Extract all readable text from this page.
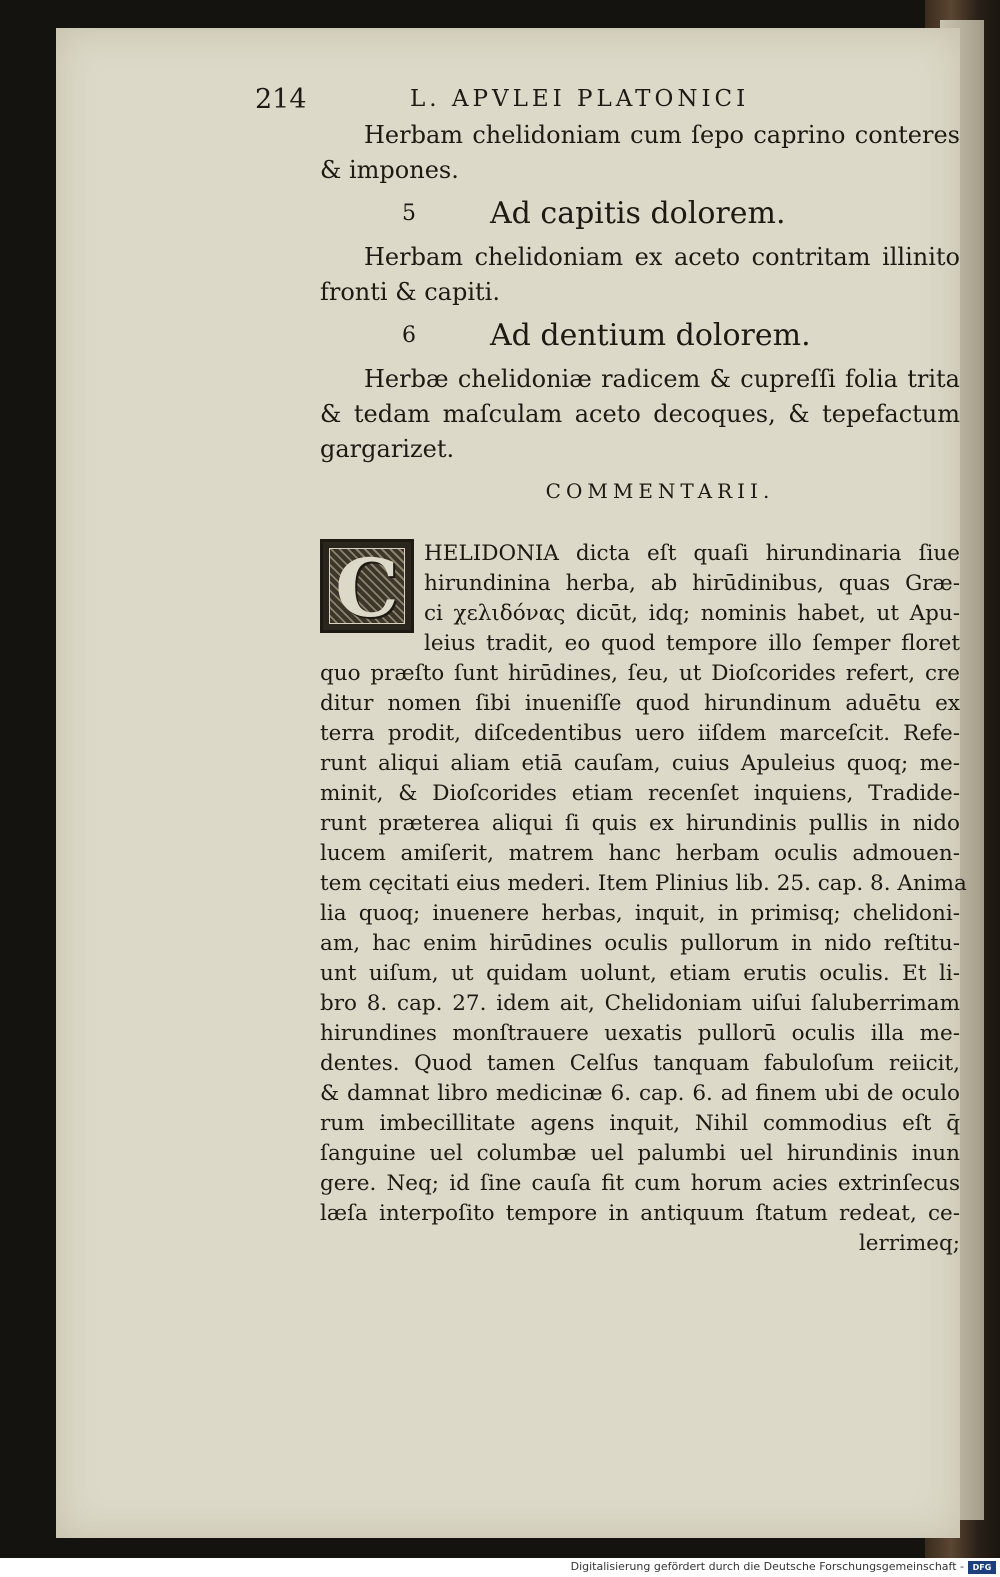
214	L. APVLEI PLATONICI
Herbam chelidoniam cum ſepo caprino conteres
& impones.
5 Ad capitis dolorem.
Herbam chelidoniam ex aceto contritam illinito
fronti & capiti.
6 Ad dentium dolorem.
Herbæ chelidoniæ radicem & cupreſſi folia trita
& tedam maſculam aceto decoques, & tepefactum
gargarizet.
COMMENTARII.
C	HELIDONIA dicta eſt quaſi hirundinaria ſiue
hirundinina herba, ab hirūdinibus, quas Græ-
ci χελιδόνας dicūt, idq; nominis habet, ut Apu-
leius tradit, eo quod tempore illo ſemper floret
quo præſto ſunt hirūdines, ſeu, ut Dioſcorides refert, cre
ditur nomen ſibi inueniſſe quod hirundinum aduētu ex
terra prodit, diſcedentibus uero iiſdem marceſcit. Refe-
runt aliqui aliam etiā cauſam, cuius Apuleius quoq; me-
minit, & Dioſcorides etiam recenſet inquiens, Tradide-
runt præterea aliqui ſi quis ex hirundinis pullis in nido
lucem amiſerit, matrem hanc herbam oculis admouen-
tem cęcitati eius mederi. Item Plinius lib. 25. cap. 8. Anima
lia quoq; inuenere herbas, inquit, in primisq; chelidoni-
am, hac enim hirūdines oculis pullorum in nido reſtitu-
unt uiſum, ut quidam uolunt, etiam erutis oculis. Et li-
bro 8. cap. 27. idem ait, Chelidoniam uiſui ſaluberrimam
hirundines monſtrauere uexatis pullorū oculis illa me-
dentes. Quod tamen Celſus tanquam fabuloſum reiicit,
& damnat libro medicinæ 6. cap. 6. ad finem ubi de oculo
rum imbecillitate agens inquit, Nihil commodius eſt q̄
ſanguine uel columbæ uel palumbi uel hirundinis inun
gere. Neq; id ſine cauſa fit cum horum acies extrinſecus
læſa interpoſito tempore in antiquum ſtatum redeat, ce-
lerrimeq;
Digitalisierung gefördert durch die Deutsche Forschungsgemeinschaft -	DFG
